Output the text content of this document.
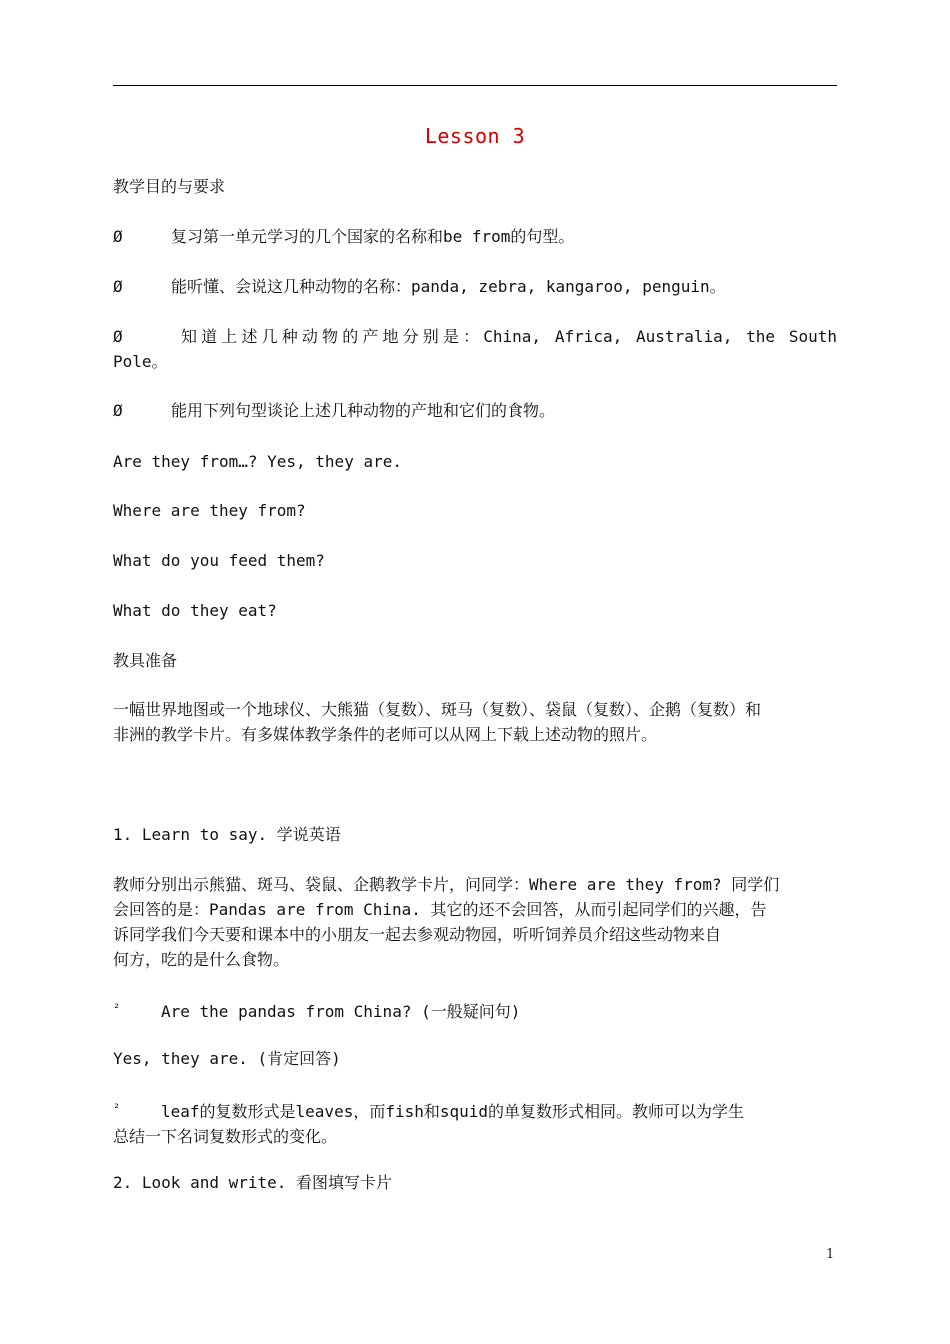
Lesson 3
教学目的与要求
Ø	复习第一单元学习的几个国家的名称和be from的句型。
Ø	能听懂、会说这几种动物的名称：panda, zebra, kangaroo, penguin。
Ø	知道上述几种动物的产地分别是：China, Africa, Australia, the South
Pole。
Ø	能用下列句型谈论上述几种动物的产地和它们的食物。
Are they from…? Yes, they are.
Where are they from?
What do you feed them?
What do they eat?
教具准备
一幅世界地图或一个地球仪、大熊猫（复数）、斑马（复数）、袋鼠（复数）、企鹅（复数）和
非洲的教学卡片。有多媒体教学条件的老师可以从网上下载上述动物的照片。
1. Learn to say. 学说英语
教师分别出示熊猫、斑马、袋鼠、企鹅教学卡片，问同学：Where are they from? 同学们
会回答的是：Pandas are from China. 其它的还不会回答，从而引起同学们的兴趣，告
诉同学我们今天要和课本中的小朋友一起去参观动物园，听听饲养员介绍这些动物来自
何方，吃的是什么食物。
²	Are the pandas from China? (一般疑问句)
Yes, they are. (肯定回答)
²	leaf的复数形式是leaves，而fish和squid的单复数形式相同。教师可以为学生
总结一下名词复数形式的变化。
2. Look and write. 看图填写卡片
1
